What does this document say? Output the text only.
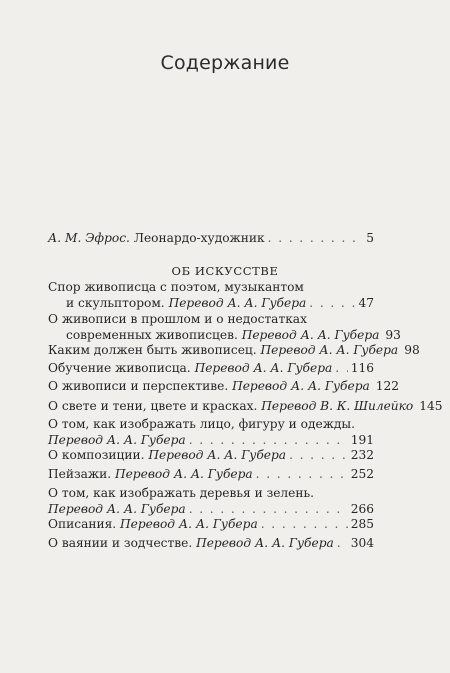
Содержание
А. М. Эфрос. Леонардо-художник . . .	5
ОБ ИСКУССТВЕ
Спор живописца с поэтом, музыкантом
и скульптором. Перевод А. А. Губера . . .	47
О живописи в прошлом и о недостатках
современных живописцев. Перевод А. А. Губера 93
Каким должен быть живописец. Перевод А. А. Губера 98
Обучение живописца. Перевод А. А. Губера . . . 116
О живописи и перспективе. Перевод А. А. Губера 122
О свете и тени, цвете и красках. Перевод В. К. Шилейко 145
О том, как изображать лицо, фигуру и одежды.
Перевод А. А. Губера . . .	191
О композиции. Перевод А. А. Губера . . .	232
Пейзажи. Перевод А. А. Губера . . .	252
О том, как изображать деревья и зелень.
Перевод А. А. Губера . . .	266
Описания. Перевод А. А. Губера . . .	285
О ваянии и зодчестве. Перевод А. А. Губера . . . 304
